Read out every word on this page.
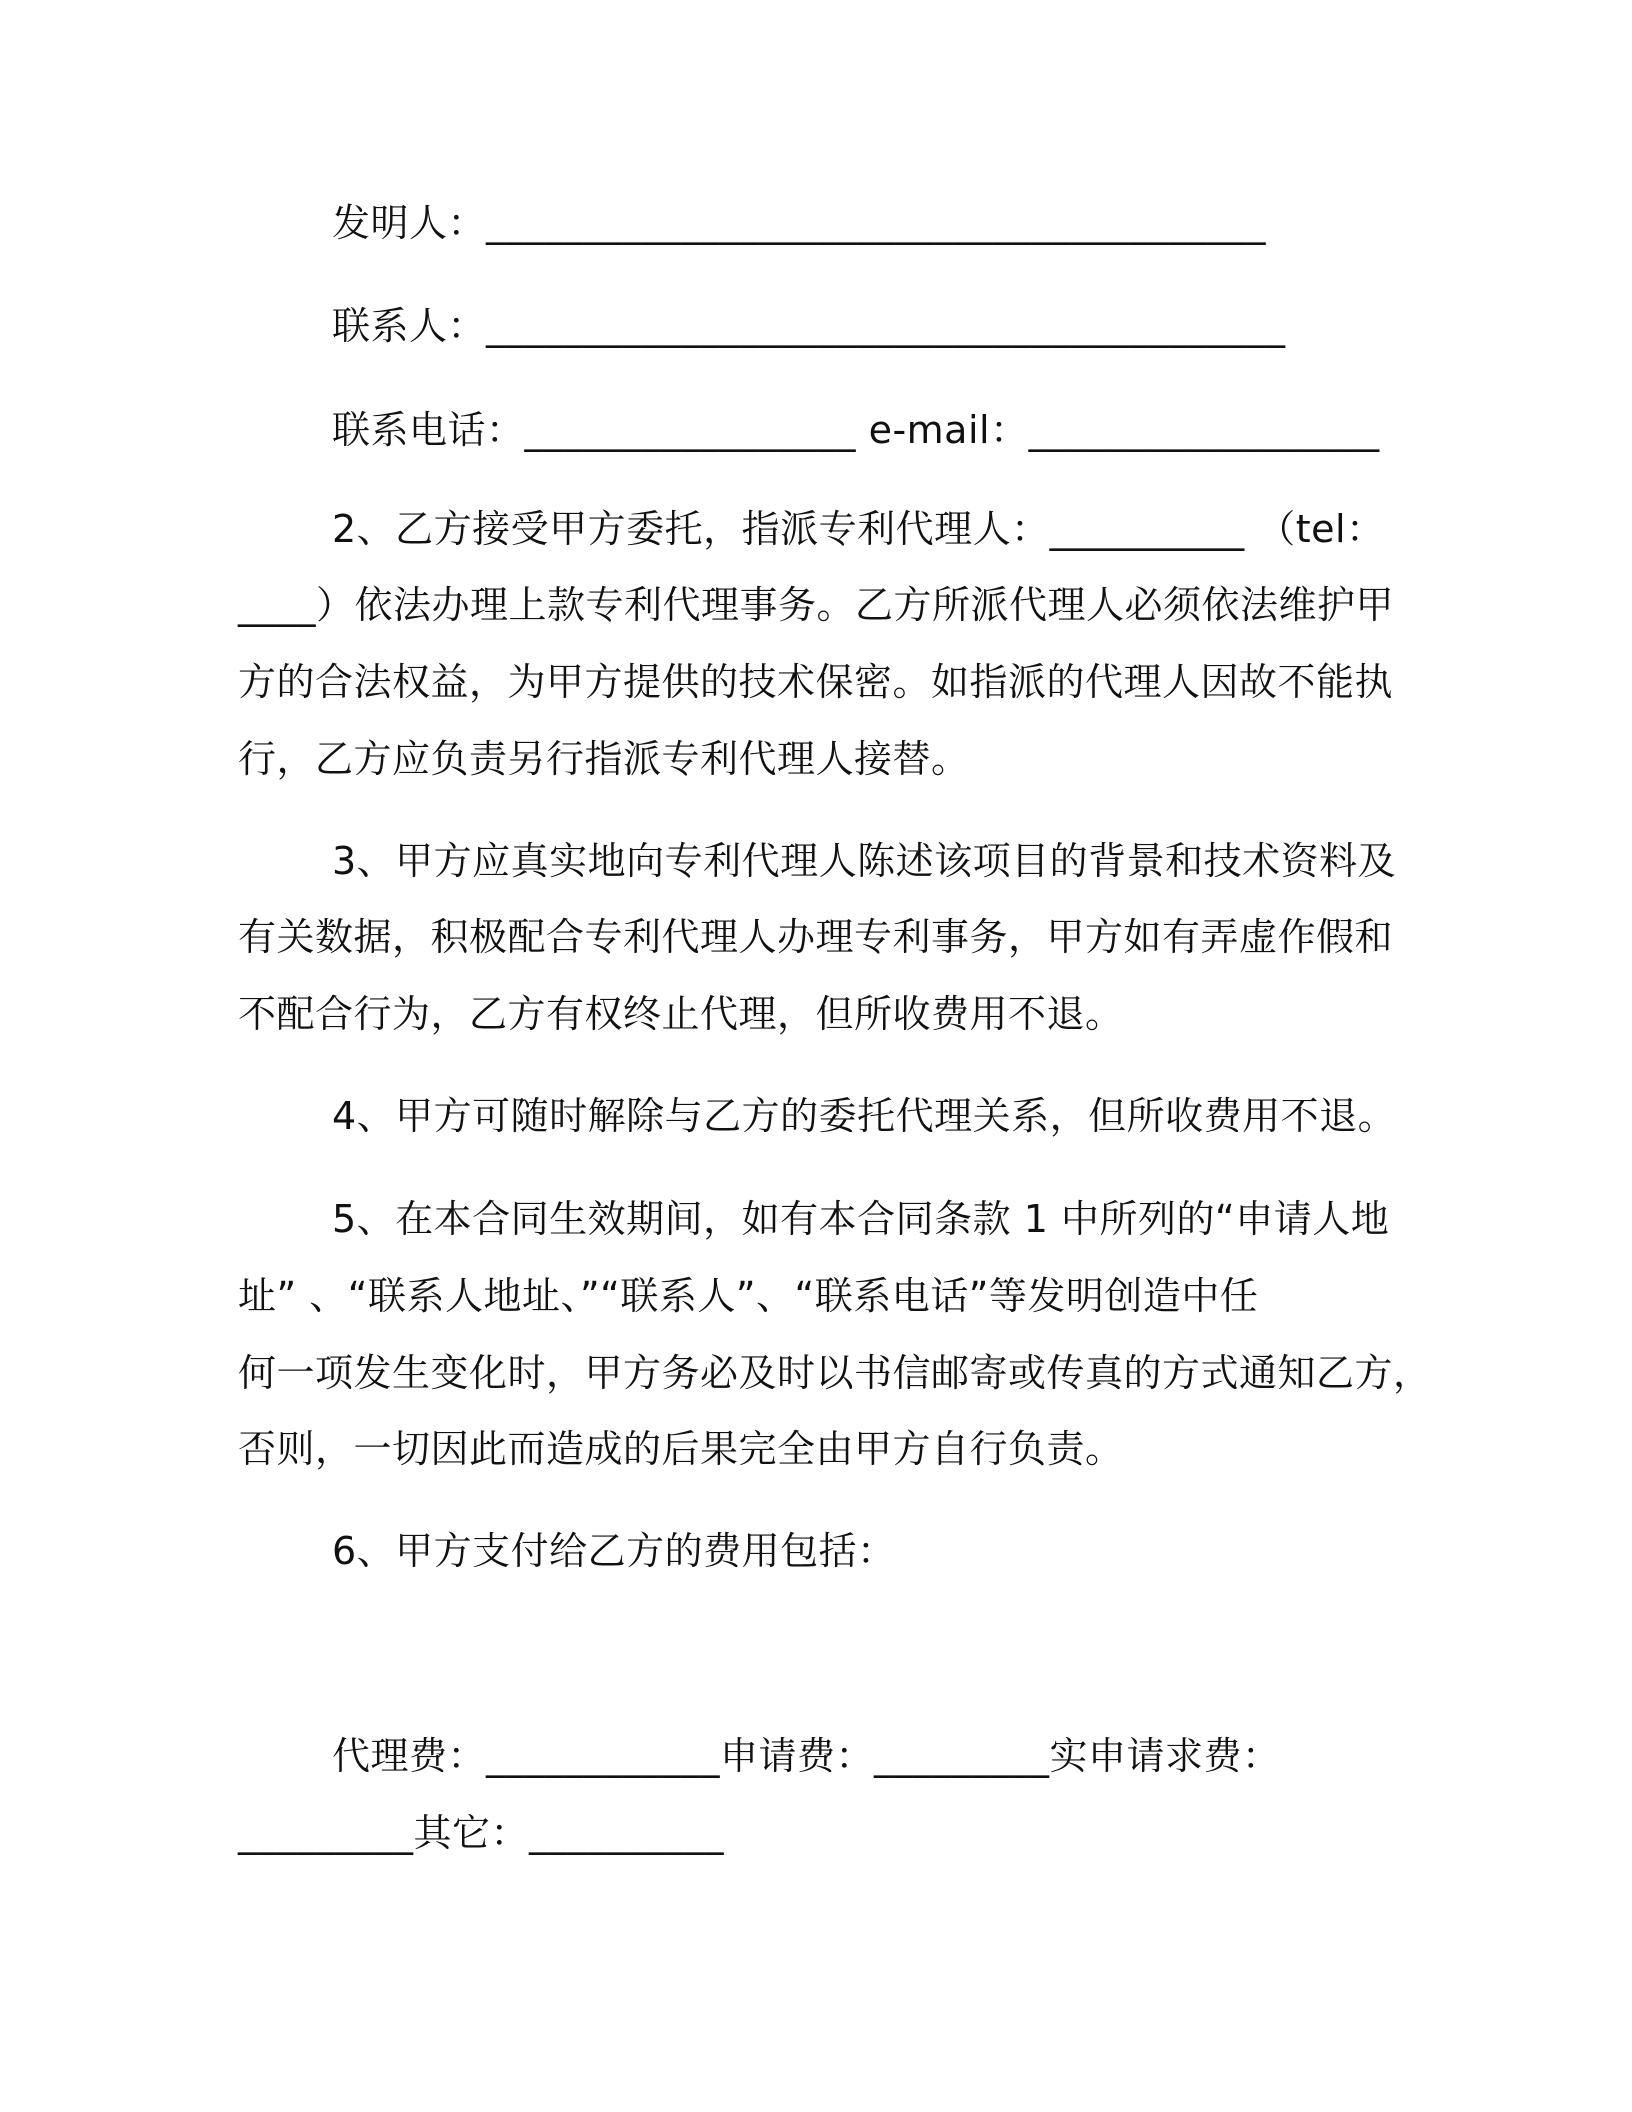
发明人：________________________________________
联系人：_________________________________________
联系电话：_________________ e-mail：__________________
2、乙方接受甲方委托，指派专利代理人：__________ （tel：
____）依法办理上款专利代理事务。乙方所派代理人必须依法维护甲
方的合法权益，为甲方提供的技术保密。如指派的代理人因故不能执
行，乙方应负责另行指派专利代理人接替。
3、甲方应真实地向专利代理人陈述该项目的背景和技术资料及
有关数据，积极配合专利代理人办理专利事务，甲方如有弄虚作假和
不配合行为，乙方有权终止代理，但所收费用不退。
4、甲方可随时解除与乙方的委托代理关系，但所收费用不退。
5、在本合同生效期间，如有本合同条款 1 中所列的“申请人地
址” 、“联系人地址、”“联系人”、“联系电话”等发明创造中任
何一项发生变化时，甲方务必及时以书信邮寄或传真的方式通知乙方，
否则，一切因此而造成的后果完全由甲方自行负责。
6、甲方支付给乙方的费用包括：
代理费：____________申请费：_________实申请求费：
_________其它：__________
